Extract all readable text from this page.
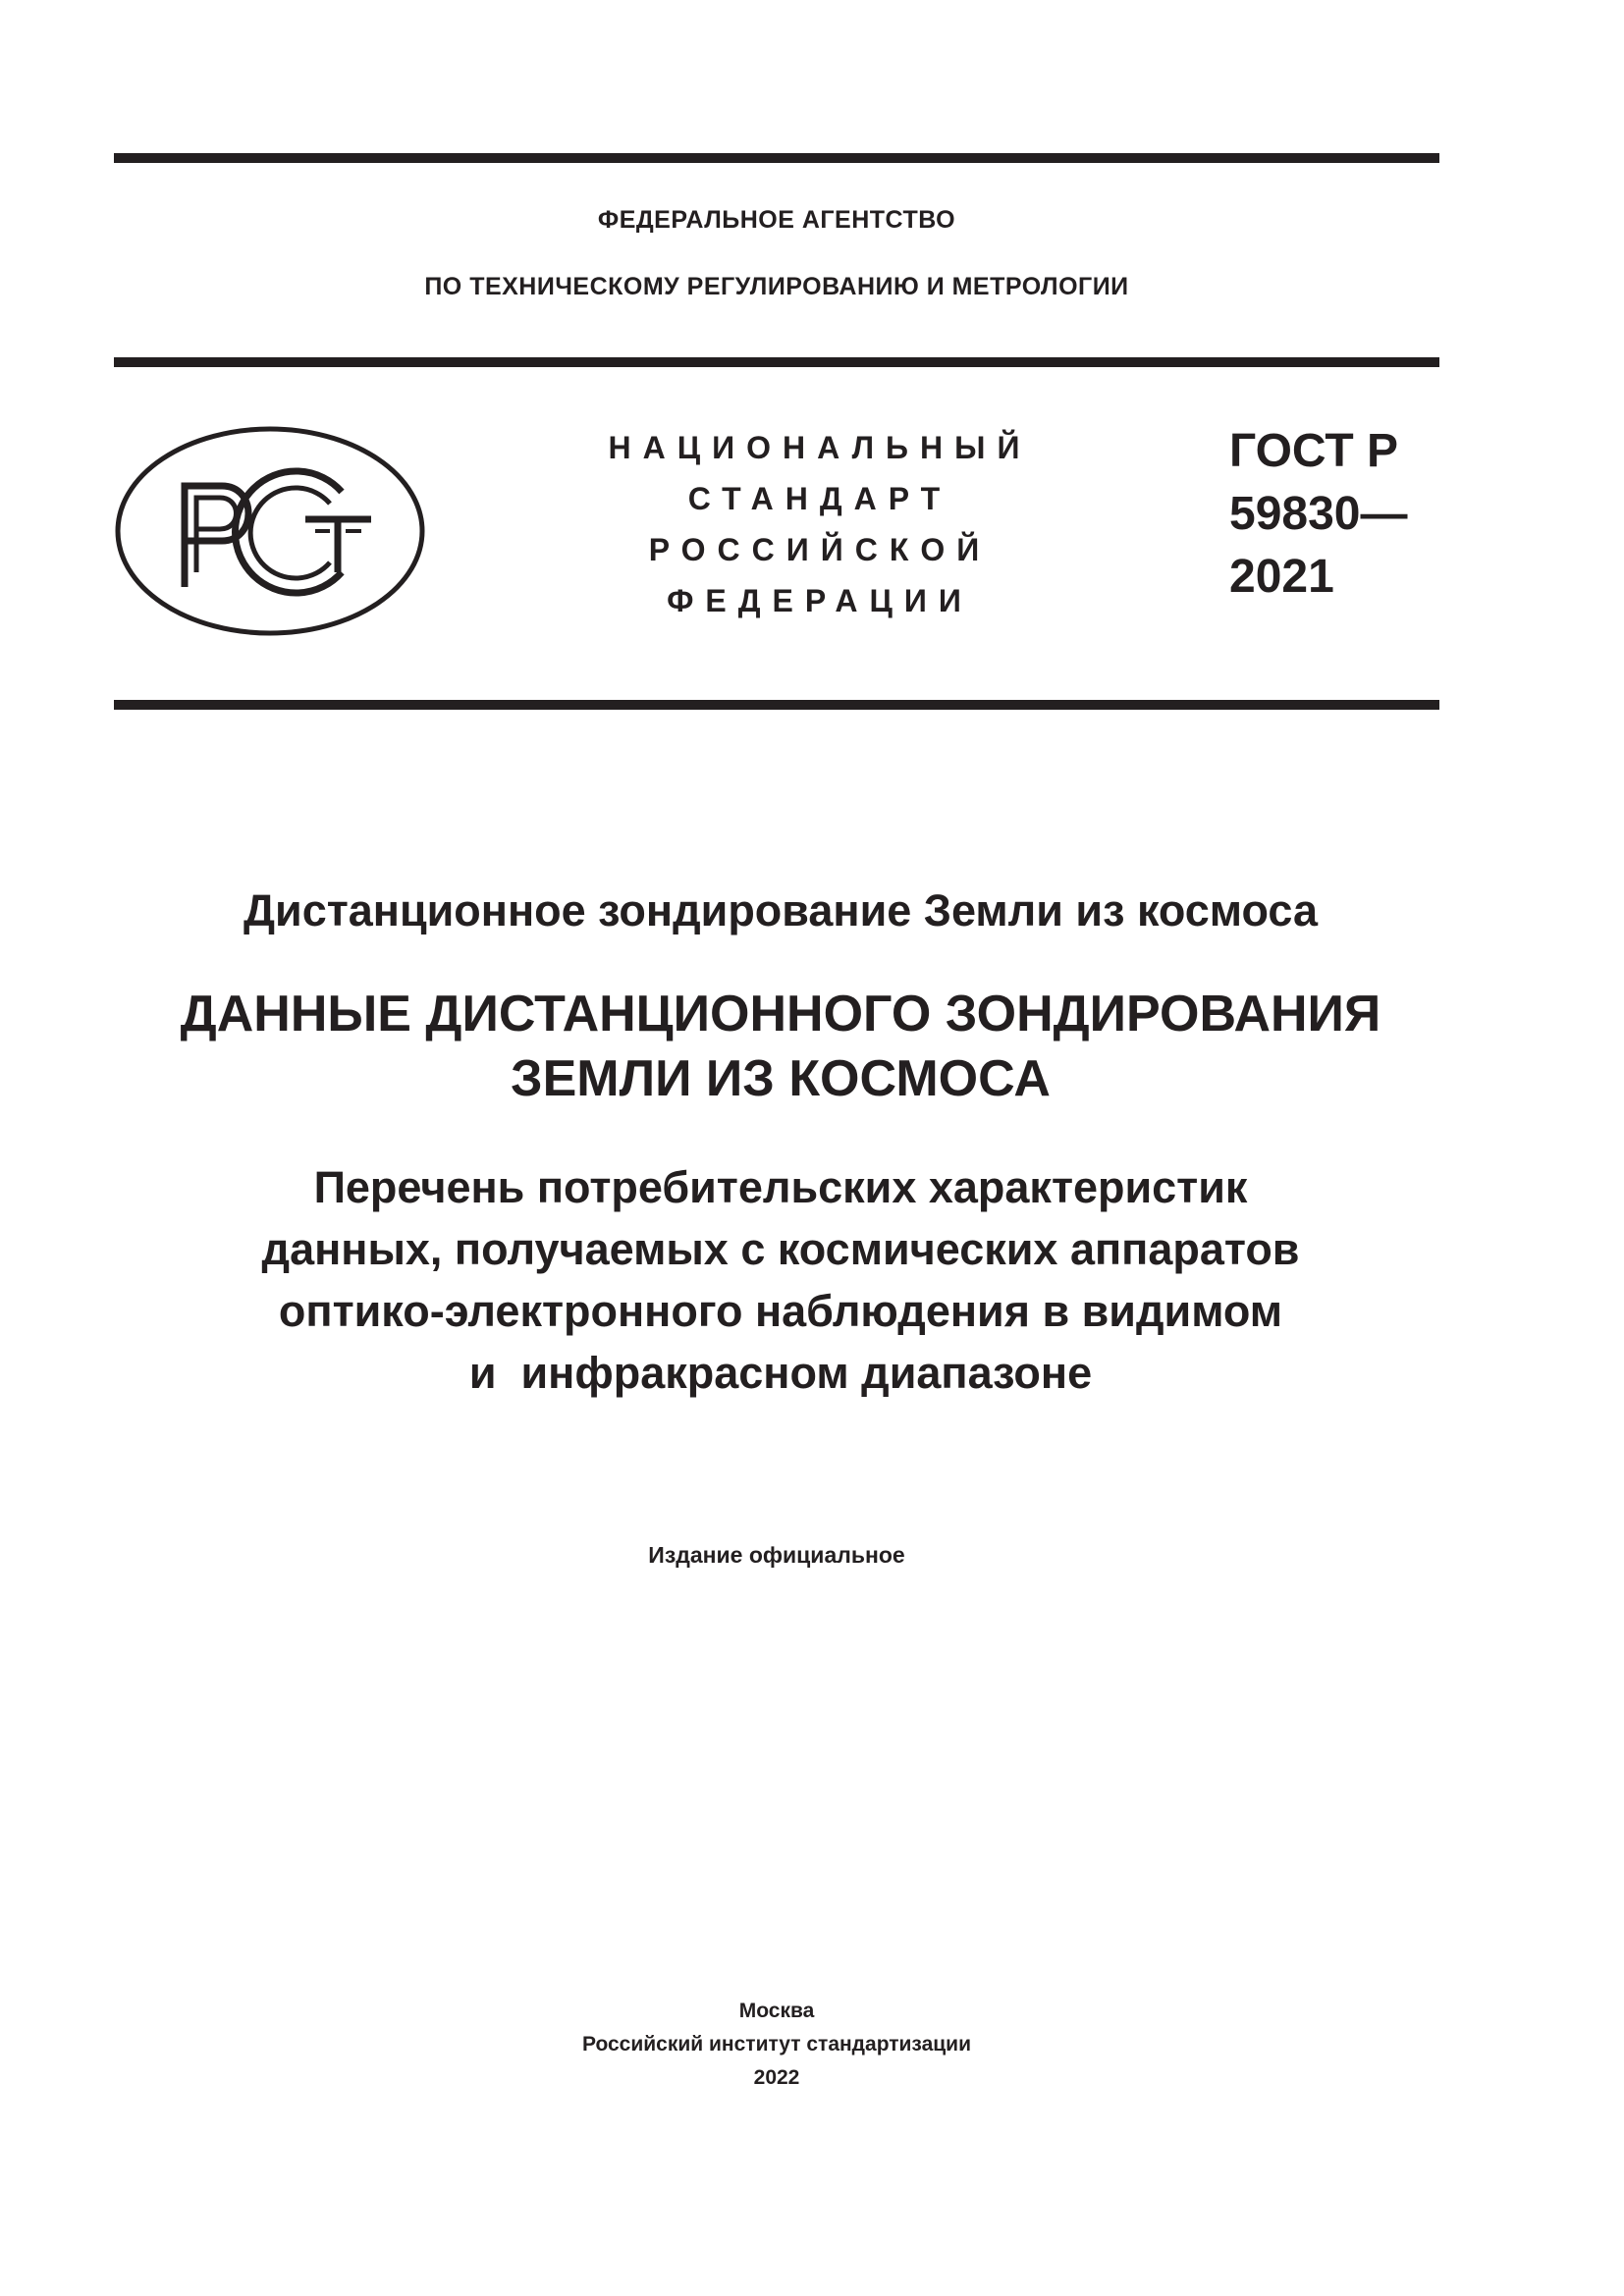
ФЕДЕРАЛЬНОЕ АГЕНТСТВО
ПО ТЕХНИЧЕСКОМУ РЕГУЛИРОВАНИЮ И МЕТРОЛОГИИ
НАЦИОНАЛЬНЫЙ
СТАНДАРТ
РОССИЙСКОЙ
ФЕДЕРАЦИИ
ГОСТ Р
59830—
2021
Дистанционное зондирование Земли из космоса
ДАННЫЕ ДИСТАНЦИОННОГО ЗОНДИРОВАНИЯ
ЗЕМЛИ ИЗ КОСМОСА
Перечень потребительских характеристик
данных, получаемых с космических аппаратов
оптико-электронного наблюдения в видимом
и  инфракрасном диапазоне
Издание официальное
Москва
Российский институт стандартизации
2022
